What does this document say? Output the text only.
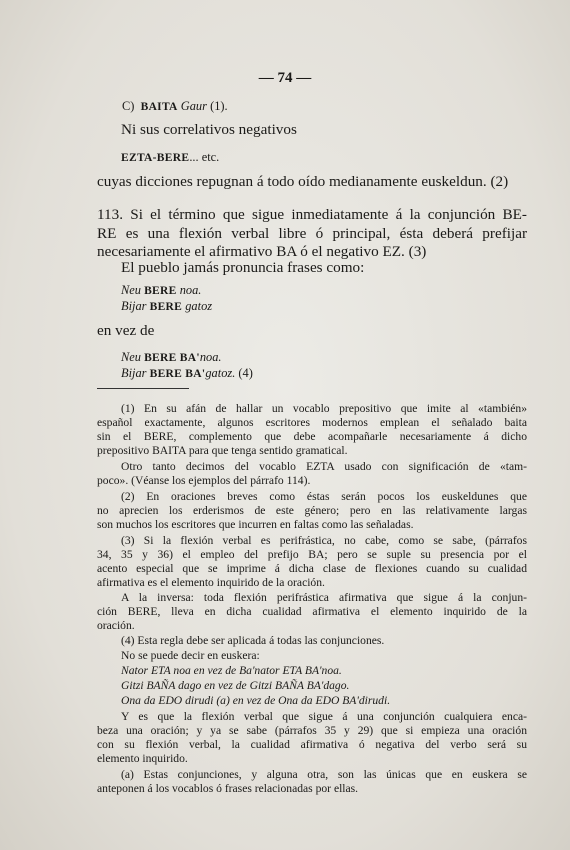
— 74 —
C) BAITA Gaur (1).
Ni sus correlativos negativos
EZTA-BERE... etc.
cuyas dicciones repugnan á todo oído medianamente euskeldun. (2)
113. Si el término que sigue inmediatamente á la conjunción BE-
RE es una flexión verbal libre ó principal, ésta deberá prefijar
necesariamente el afirmativo BA ó el negativo EZ. (3)
El pueblo jamás pronuncia frases como:
Neu BERE noa.
Bijar BERE gatoz
en vez de
Neu BERE BA'noa.
Bijar BERE BA'gatoz. (4)
(1) En su afán de hallar un vocablo prepositivo que imite al «también»
español exactamente, algunos escritores modernos emplean el señalado baita
sin el BERE, complemento que debe acompañarle necesariamente á dicho
prepositivo BAITA para que tenga sentido gramatical.
Otro tanto decimos del vocablo EZTA usado con significación de «tam-
poco». (Véanse los ejemplos del párrafo 114).
(2) En oraciones breves como éstas serán pocos los euskeldunes que
no aprecien los erderismos de este género; pero en las relativamente largas
son muchos los escritores que incurren en faltas como las señaladas.
(3) Si la flexión verbal es perifrástica, no cabe, como se sabe, (párrafos
34, 35 y 36) el empleo del prefijo BA; pero se suple su presencia por el
acento especial que se imprime á dicha clase de flexiones cuando su cualidad
afirmativa es el elemento inquirido de la oración.
A la inversa: toda flexión perifrástica afirmativa que sigue á la conjun-
ción BERE, lleva en dicha cualidad afirmativa el elemento inquirido de la
oración.
(4) Esta regla debe ser aplicada á todas las conjunciones.
No se puede decir en euskera:
Nator ETA noa en vez de Ba'nator ETA BA'noa.
Gitzi BAÑA dago en vez de Gitzi BAÑA BA'dago.
Ona da EDO dirudi (a) en vez de Ona da EDO BA'dirudi.
Y es que la flexión verbal que sigue á una conjunción cualquiera enca-
beza una oración; y ya se sabe (párrafos 35 y 29) que si empieza una oración
con su flexión verbal, la cualidad afirmativa ó negativa del verbo será su
elemento inquirido.
(a) Estas conjunciones, y alguna otra, son las únicas que en euskera se
anteponen á los vocablos ó frases relacionadas por ellas.
